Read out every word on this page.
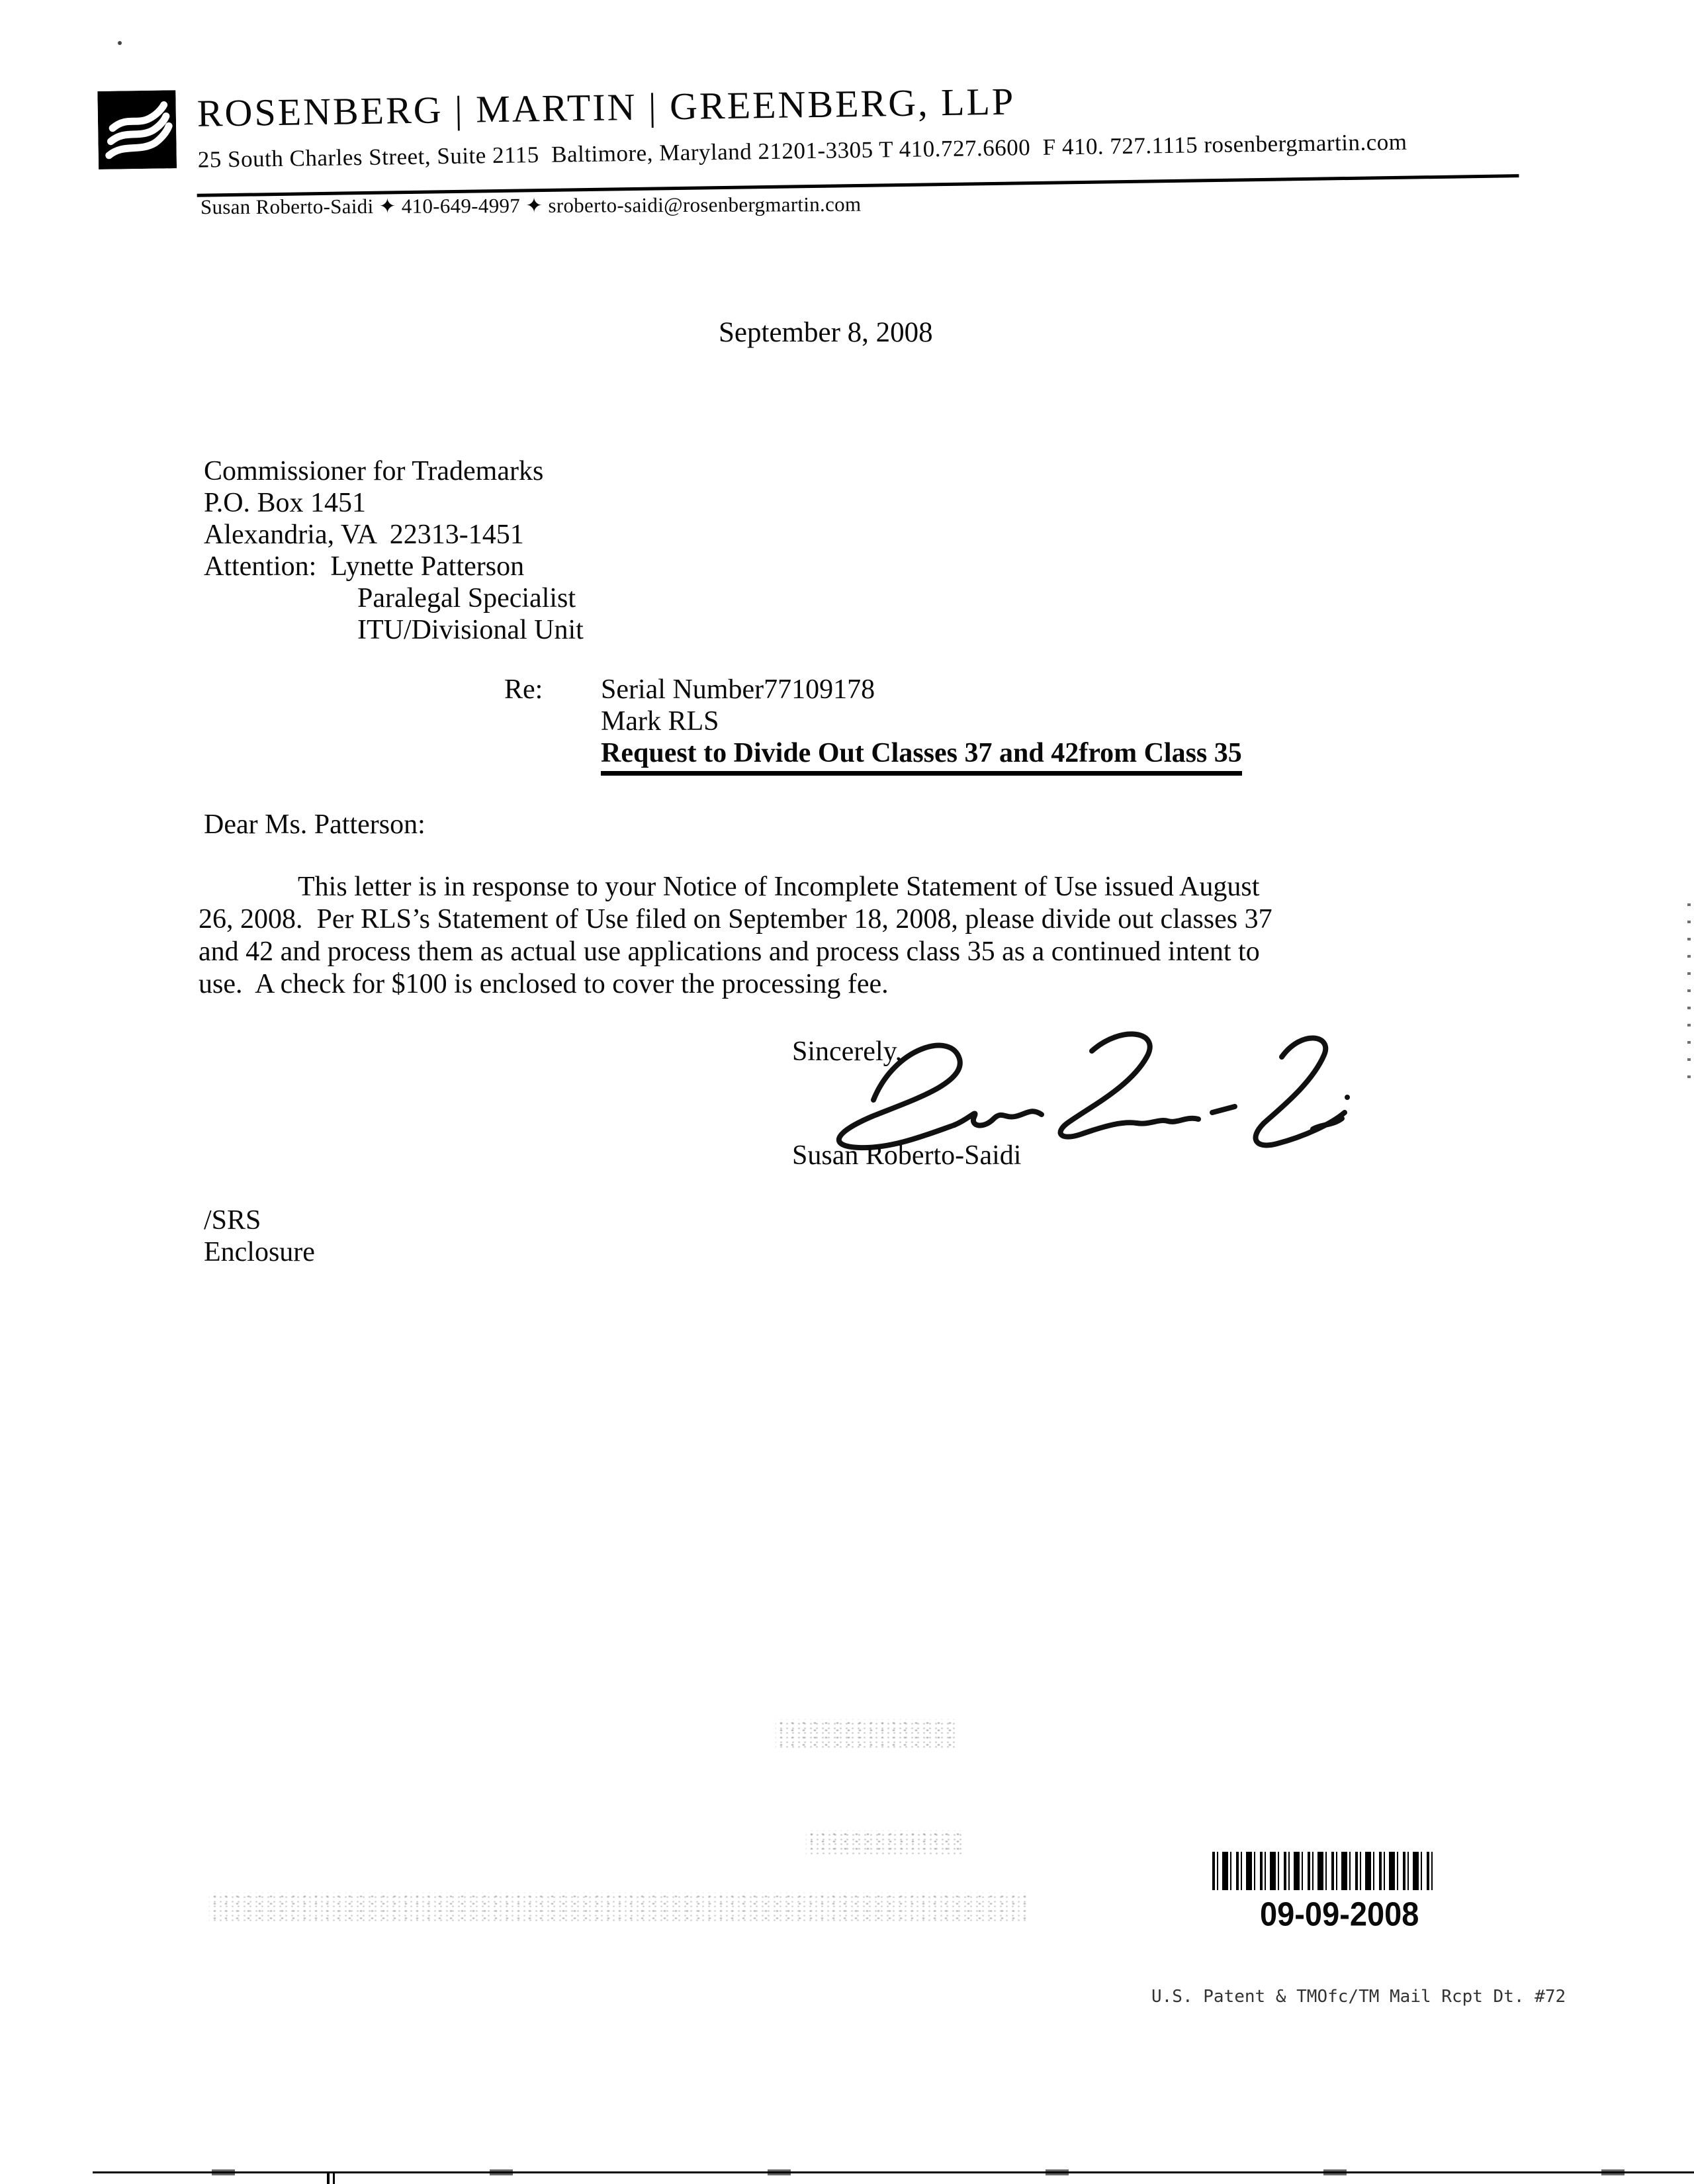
ROSENBERG | MARTIN | GREENBERG, LLP
25 South Charles Street, Suite 2115  Baltimore, Maryland 21201-3305 T 410.727.6600  F 410. 727.1115 rosenbergmartin.com
Susan Roberto-Saidi ✦ 410-649-4997 ✦ sroberto-saidi@rosenbergmartin.com
September 8, 2008
Commissioner for Trademarks
P.O. Box 1451
Alexandria, VA  22313-1451
Attention:  Lynette Patterson
Paralegal Specialist
ITU/Divisional Unit
Re:	Serial Number77109178
Mark RLS
Request to Divide Out Classes 37 and 42from Class 35
Dear Ms. Patterson:
This letter is in response to your Notice of Incomplete Statement of Use issued August
26, 2008.  Per RLS’s Statement of Use filed on September 18, 2008, please divide out classes 37
and 42 and process them as actual use applications and process class 35 as a continued intent to
use.  A check for $100 is enclosed to cover the processing fee.
Sincerely,
Susan Roberto-Saidi
/SRS
Enclosure
09-09-2008
U.S. Patent & TMOfc/TM Mail Rcpt Dt. #72
